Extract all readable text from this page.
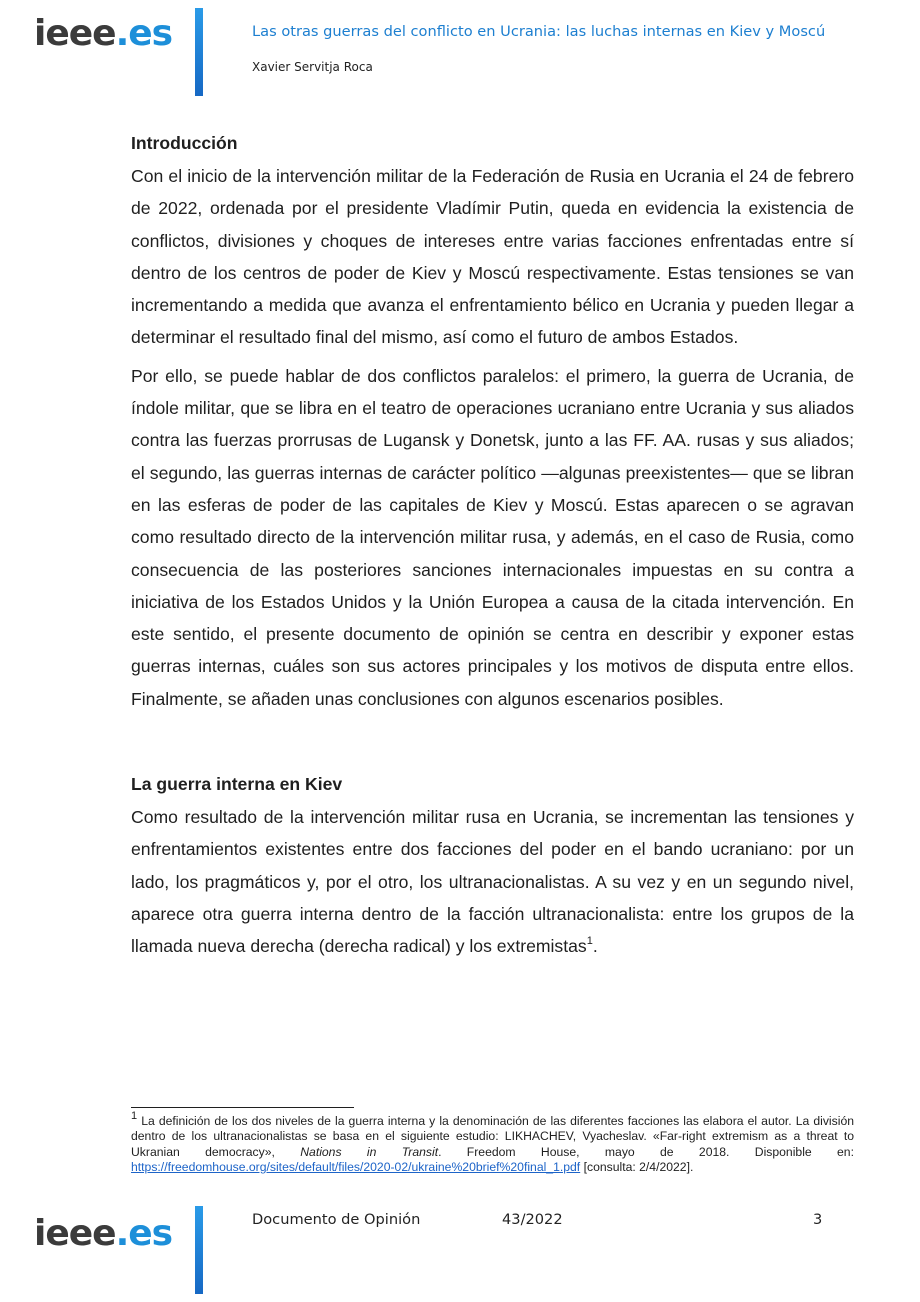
ieee.es	Las otras guerras del conflicto en Ucrania: las luchas internas en Kiev y Moscú
Xavier Servitja Roca
Introducción

Con el inicio de la intervención militar de la Federación de Rusia en Ucrania el 24 de febrero de 2022, ordenada por el presidente Vladímir Putin, queda en evidencia la existencia de conflictos, divisiones y choques de intereses entre varias facciones enfrentadas entre sí dentro de los centros de poder de Kiev y Moscú respectivamente. Estas tensiones se van incrementando a medida que avanza el enfrentamiento bélico en Ucrania y pueden llegar a determinar el resultado final del mismo, así como el futuro de ambos Estados.

Por ello, se puede hablar de dos conflictos paralelos: el primero, la guerra de Ucrania, de índole militar, que se libra en el teatro de operaciones ucraniano entre Ucrania y sus aliados contra las fuerzas prorrusas de Lugansk y Donetsk, junto a las FF. AA. rusas y sus aliados; el segundo, las guerras internas de carácter político —algunas preexistentes— que se libran en las esferas de poder de las capitales de Kiev y Moscú. Estas aparecen o se agravan como resultado directo de la intervención militar rusa, y además, en el caso de Rusia, como consecuencia de las posteriores sanciones internacionales impuestas en su contra a iniciativa de los Estados Unidos y la Unión Europea a causa de la citada intervención. En este sentido, el presente documento de opinión se centra en describir y exponer estas guerras internas, cuáles son sus actores principales y los motivos de disputa entre ellos. Finalmente, se añaden unas conclusiones con algunos escenarios posibles.

La guerra interna en Kiev

Como resultado de la intervención militar rusa en Ucrania, se incrementan las tensiones y enfrentamientos existentes entre dos facciones del poder en el bando ucraniano: por un lado, los pragmáticos y, por el otro, los ultranacionalistas. A su vez y en un segundo nivel, aparece otra guerra interna dentro de la facción ultranacionalista: entre los grupos de la llamada nueva derecha (derecha radical) y los extremistas$^1$.

$^1$ La definición de los dos niveles de la guerra interna y la denominación de las diferentes facciones las elabora el autor. La división dentro de los ultranacionalistas se basa en el siguiente estudio: LIKHACHEV, Vyacheslav. «Far-right extremism as a threat to Ukranian democracy», Nations in Transit. Freedom House, mayo de 2018. Disponible en: https://freedomhouse.org/sites/default/files/2020-02/ukraine%20brief%20final_1.pdf [consulta: 2/4/2022].
ieee.es	Documento de Opinión	43/2022	3
